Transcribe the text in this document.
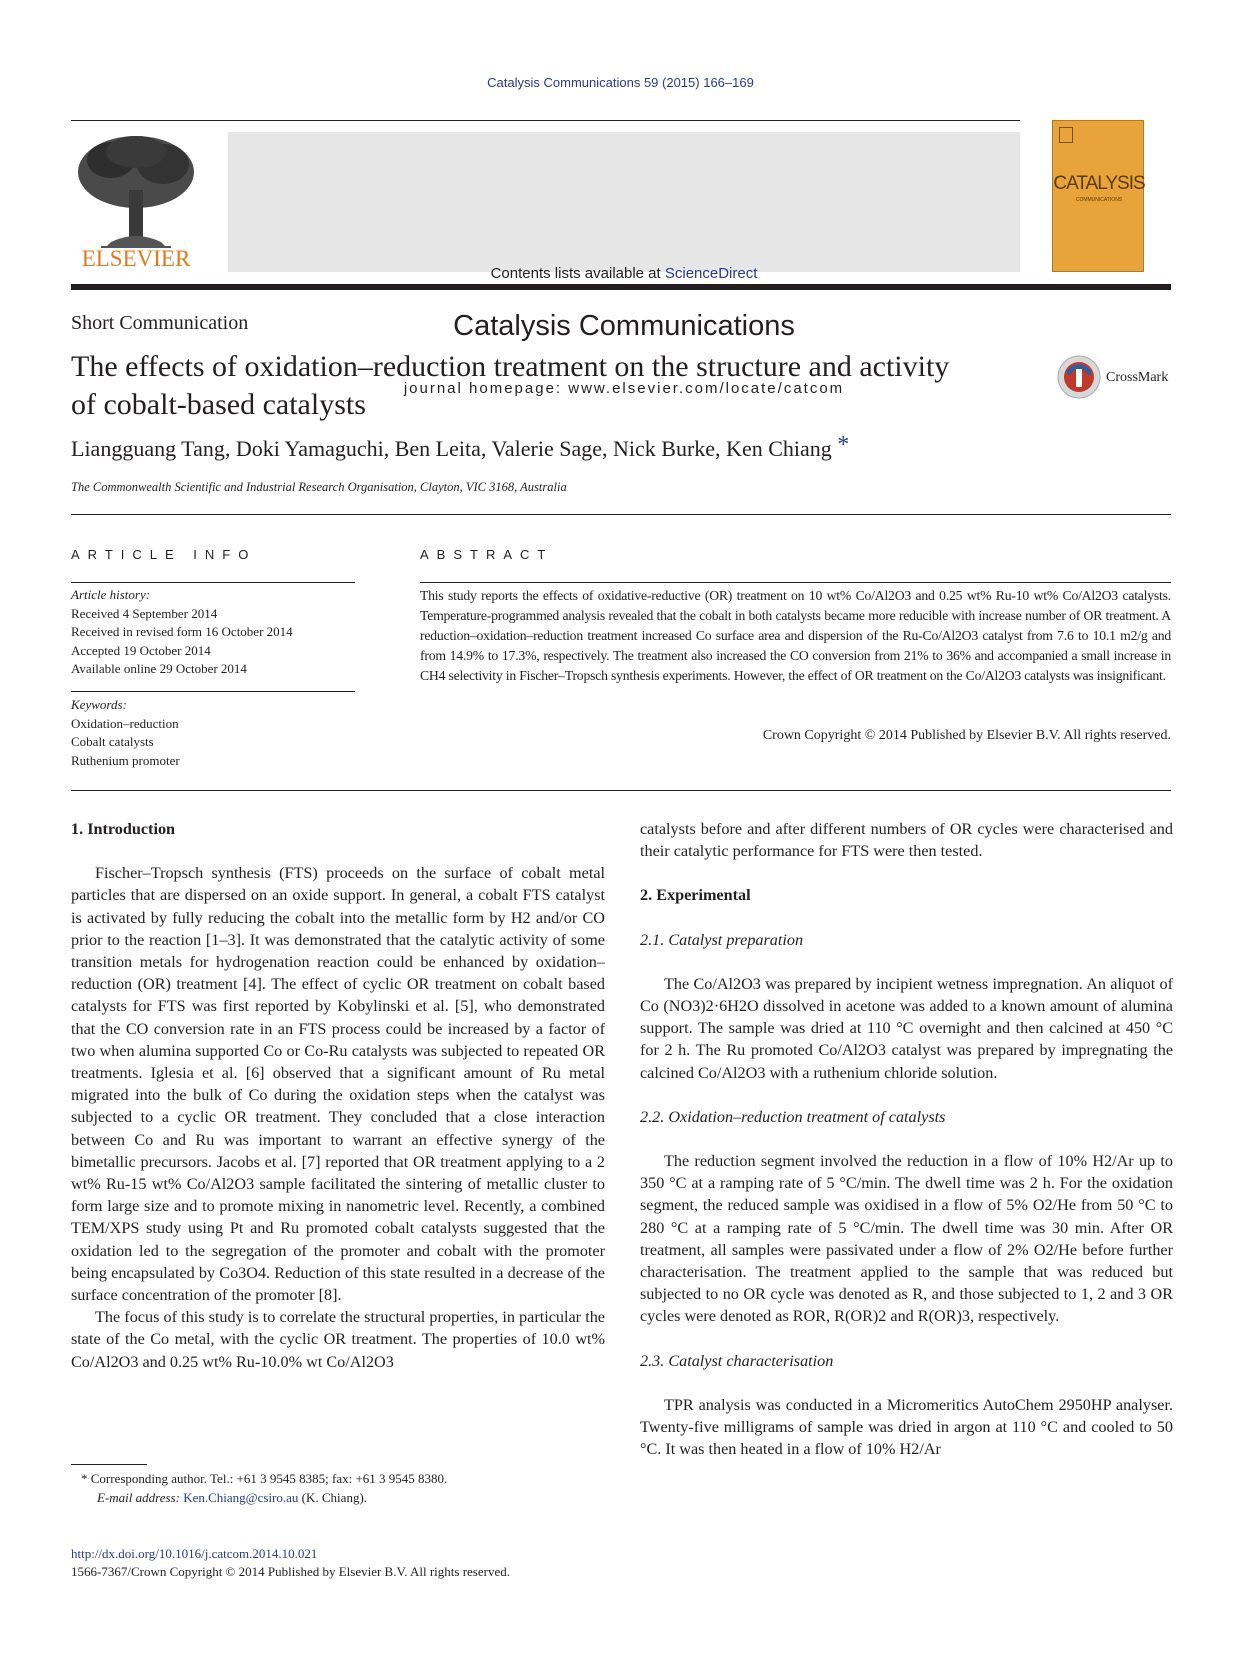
Catalysis Communications 59 (2015) 166–169
ELSEVIER
Contents lists available at ScienceDirect
Catalysis Communications
journal homepage: www.elsevier.com/locate/catcom
CATALYSIS
COMMUNICATIONS
Short Communication
The effects of oxidation–reduction treatment on the structure and activity of cobalt-based catalysts
CrossMark
Liangguang Tang, Doki Yamaguchi, Ben Leita, Valerie Sage, Nick Burke, Ken Chiang *
The Commonwealth Scientific and Industrial Research Organisation, Clayton, VIC 3168, Australia
ARTICLE INFO
Article history:
Received 4 September 2014
Received in revised form 16 October 2014
Accepted 19 October 2014
Available online 29 October 2014
Keywords:
Oxidation–reduction
Cobalt catalysts
Ruthenium promoter
ABSTRACT
This study reports the effects of oxidative-reductive (OR) treatment on 10 wt% Co/Al2O3 and 0.25 wt% Ru-10 wt% Co/Al2O3 catalysts. Temperature-programmed analysis revealed that the cobalt in both catalysts became more reducible with increase number of OR treatment. A reduction–oxidation–reduction treatment increased Co surface area and dispersion of the Ru-Co/Al2O3 catalyst from 7.6 to 10.1 m2/g and from 14.9% to 17.3%, respectively. The treatment also increased the CO conversion from 21% to 36% and accompanied a small increase in CH4 selectivity in Fischer–Tropsch synthesis experiments. However, the effect of OR treatment on the Co/Al2O3 catalysts was insignificant.
Crown Copyright © 2014 Published by Elsevier B.V. All rights reserved.
1. Introduction

Fischer–Tropsch synthesis (FTS) proceeds on the surface of cobalt metal particles that are dispersed on an oxide support. In general, a cobalt FTS catalyst is activated by fully reducing the cobalt into the metallic form by H2 and/or CO prior to the reaction [1–3]. It was demonstrated that the catalytic activity of some transition metals for hydrogenation reaction could be enhanced by oxidation–reduction (OR) treatment [4]. The effect of cyclic OR treatment on cobalt based catalysts for FTS was first reported by Kobylinski et al. [5], who demonstrated that the CO conversion rate in an FTS process could be increased by a factor of two when alumina supported Co or Co-Ru catalysts was subjected to repeated OR treatments. Iglesia et al. [6] observed that a significant amount of Ru metal migrated into the bulk of Co during the oxidation steps when the catalyst was subjected to a cyclic OR treatment. They concluded that a close interaction between Co and Ru was important to warrant an effective synergy of the bimetallic precursors. Jacobs et al. [7] reported that OR treatment applying to a 2 wt% Ru-15 wt% Co/Al2O3 sample facilitated the sintering of metallic cluster to form large size and to promote mixing in nanometric level. Recently, a combined TEM/XPS study using Pt and Ru promoted cobalt catalysts suggested that the oxidation led to the segregation of the promoter and cobalt with the promoter being encapsulated by Co3O4. Reduction of this state resulted in a decrease of the surface concentration of the promoter [8].

The focus of this study is to correlate the structural properties, in particular the state of the Co metal, with the cyclic OR treatment. The properties of 10.0 wt% Co/Al2O3 and 0.25 wt% Ru-10.0% wt Co/Al2O3

catalysts before and after different numbers of OR cycles were characterised and their catalytic performance for FTS were then tested.

2. Experimental
2.1. Catalyst preparation

The Co/Al2O3 was prepared by incipient wetness impregnation. An aliquot of Co (NO3)2·6H2O dissolved in acetone was added to a known amount of alumina support. The sample was dried at 110 °C overnight and then calcined at 450 °C for 2 h. The Ru promoted Co/Al2O3 catalyst was prepared by impregnating the calcined Co/Al2O3 with a ruthenium chloride solution.

2.2. Oxidation–reduction treatment of catalysts

The reduction segment involved the reduction in a flow of 10% H2/Ar up to 350 °C at a ramping rate of 5 °C/min. The dwell time was 2 h. For the oxidation segment, the reduced sample was oxidised in a flow of 5% O2/He from 50 °C to 280 °C at a ramping rate of 5 °C/min. The dwell time was 30 min. After OR treatment, all samples were passivated under a flow of 2% O2/He before further characterisation. The treatment applied to the sample that was reduced but subjected to no OR cycle was denoted as R, and those subjected to 1, 2 and 3 OR cycles were denoted as ROR, R(OR)2 and R(OR)3, respectively.

2.3. Catalyst characterisation

TPR analysis was conducted in a Micromeritics AutoChem 2950HP analyser. Twenty-five milligrams of sample was dried in argon at 110 °C and cooled to 50 °C. It was then heated in a flow of 10% H2/Ar

* Corresponding author. Tel.: +61 3 9545 8385; fax: +61 3 9545 8380.
E-mail address: Ken.Chiang@csiro.au (K. Chiang).
http://dx.doi.org/10.1016/j.catcom.2014.10.021
1566-7367/Crown Copyright © 2014 Published by Elsevier B.V. All rights reserved.
